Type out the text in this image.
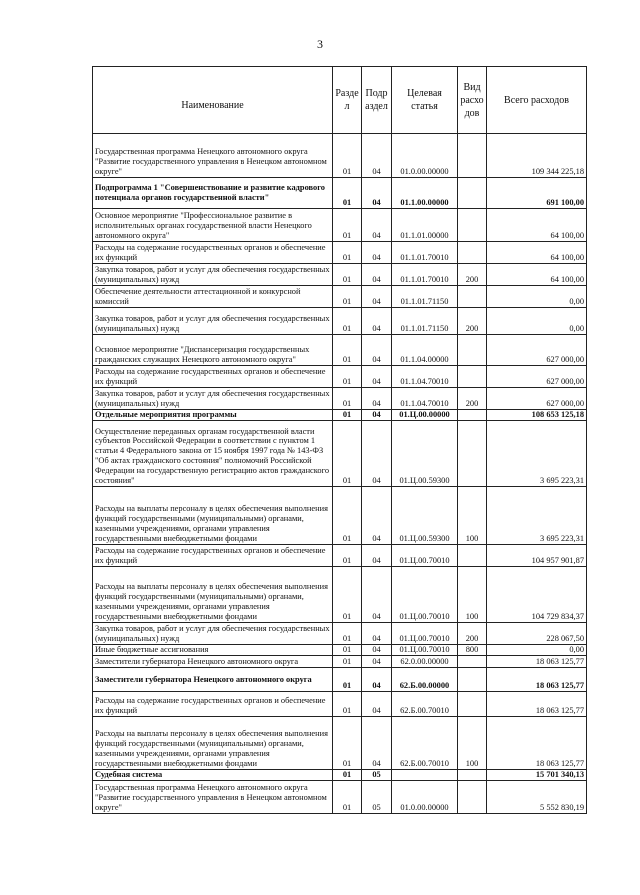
3
Наименование	Разде л	Подр аздел	Целевая статья	Вид расхо дов	Всего расходов
Государственная программа Ненецкого автономного округа "Развитие государственного управления в Ненецком автономном округе"	01	04	01.0.00.00000		109 344 225,18
Подпрограмма 1 "Совершенствование и развитие кадрового потенциала органов государственной власти"	01	04	01.1.00.00000		691 100,00
Основное мероприятие "Профессиональное развитие в исполнительных органах государственной власти Ненецкого автономного округа"	01	04	01.1.01.00000		64 100,00
Расходы на содержание государственных органов и обеспечение их функций	01	04	01.1.01.70010		64 100,00
Закупка товаров, работ и услуг для обеспечения государственных (муниципальных) нужд	01	04	01.1.01.70010	200	64 100,00
Обеспечение деятельности аттестационной и конкурсной комиссий	01	04	01.1.01.71150		0,00
Закупка товаров, работ и услуг для обеспечения государственных (муниципальных) нужд	01	04	01.1.01.71150	200	0,00
Основное мероприятие "Диспансеризация государственных гражданских служащих Ненецкого автономного округа"	01	04	01.1.04.00000		627 000,00
Расходы на содержание государственных органов и обеспечение их функций	01	04	01.1.04.70010		627 000,00
Закупка товаров, работ и услуг для обеспечения государственных (муниципальных) нужд	01	04	01.1.04.70010	200	627 000,00
Отдельные мероприятия программы	01	04	01.Ц.00.00000		108 653 125,18
Осуществление переданных органам государственной власти субъектов Российской Федерации в соответствии с пунктом 1 статьи 4 Федерального закона от 15 ноября 1997 года № 143-ФЗ "Об актах гражданского состояния" полномочий Российской Федерации на государственную регистрацию актов гражданского состояния"	01	04	01.Ц.00.59300		3 695 223,31
Расходы на выплаты персоналу в целях обеспечения выполнения функций государственными (муниципальными) органами, казенными учреждениями, органами управления государственными внебюджетными фондами	01	04	01.Ц.00.59300	100	3 695 223,31
Расходы на содержание государственных органов и обеспечение их функций	01	04	01.Ц.00.70010		104 957 901,87
Расходы на выплаты персоналу в целях обеспечения выполнения функций государственными (муниципальными) органами, казенными учреждениями, органами управления государственными внебюджетными фондами	01	04	01.Ц.00.70010	100	104 729 834,37
Закупка товаров, работ и услуг для обеспечения государственных (муниципальных) нужд	01	04	01.Ц.00.70010	200	228 067,50
Иные бюджетные ассигнования	01	04	01.Ц.00.70010	800	0,00
Заместители губернатора Ненецкого автономного округа	01	04	62.0.00.00000		18 063 125,77
Заместители губернатора Ненецкого автономного округа	01	04	62.Б.00.00000		18 063 125,77
Расходы на содержание государственных органов и обеспечение их функций	01	04	62.Б.00.70010		18 063 125,77
Расходы на выплаты персоналу в целях обеспечения выполнения функций государственными (муниципальными) органами, казенными учреждениями, органами управления государственными внебюджетными фондами	01	04	62.Б.00.70010	100	18 063 125,77
Судебная система	01	05			15 701 340,13
Государственная программа Ненецкого автономного округа "Развитие государственного управления в Ненецком автономном округе"	01	05	01.0.00.00000		5 552 830,19
